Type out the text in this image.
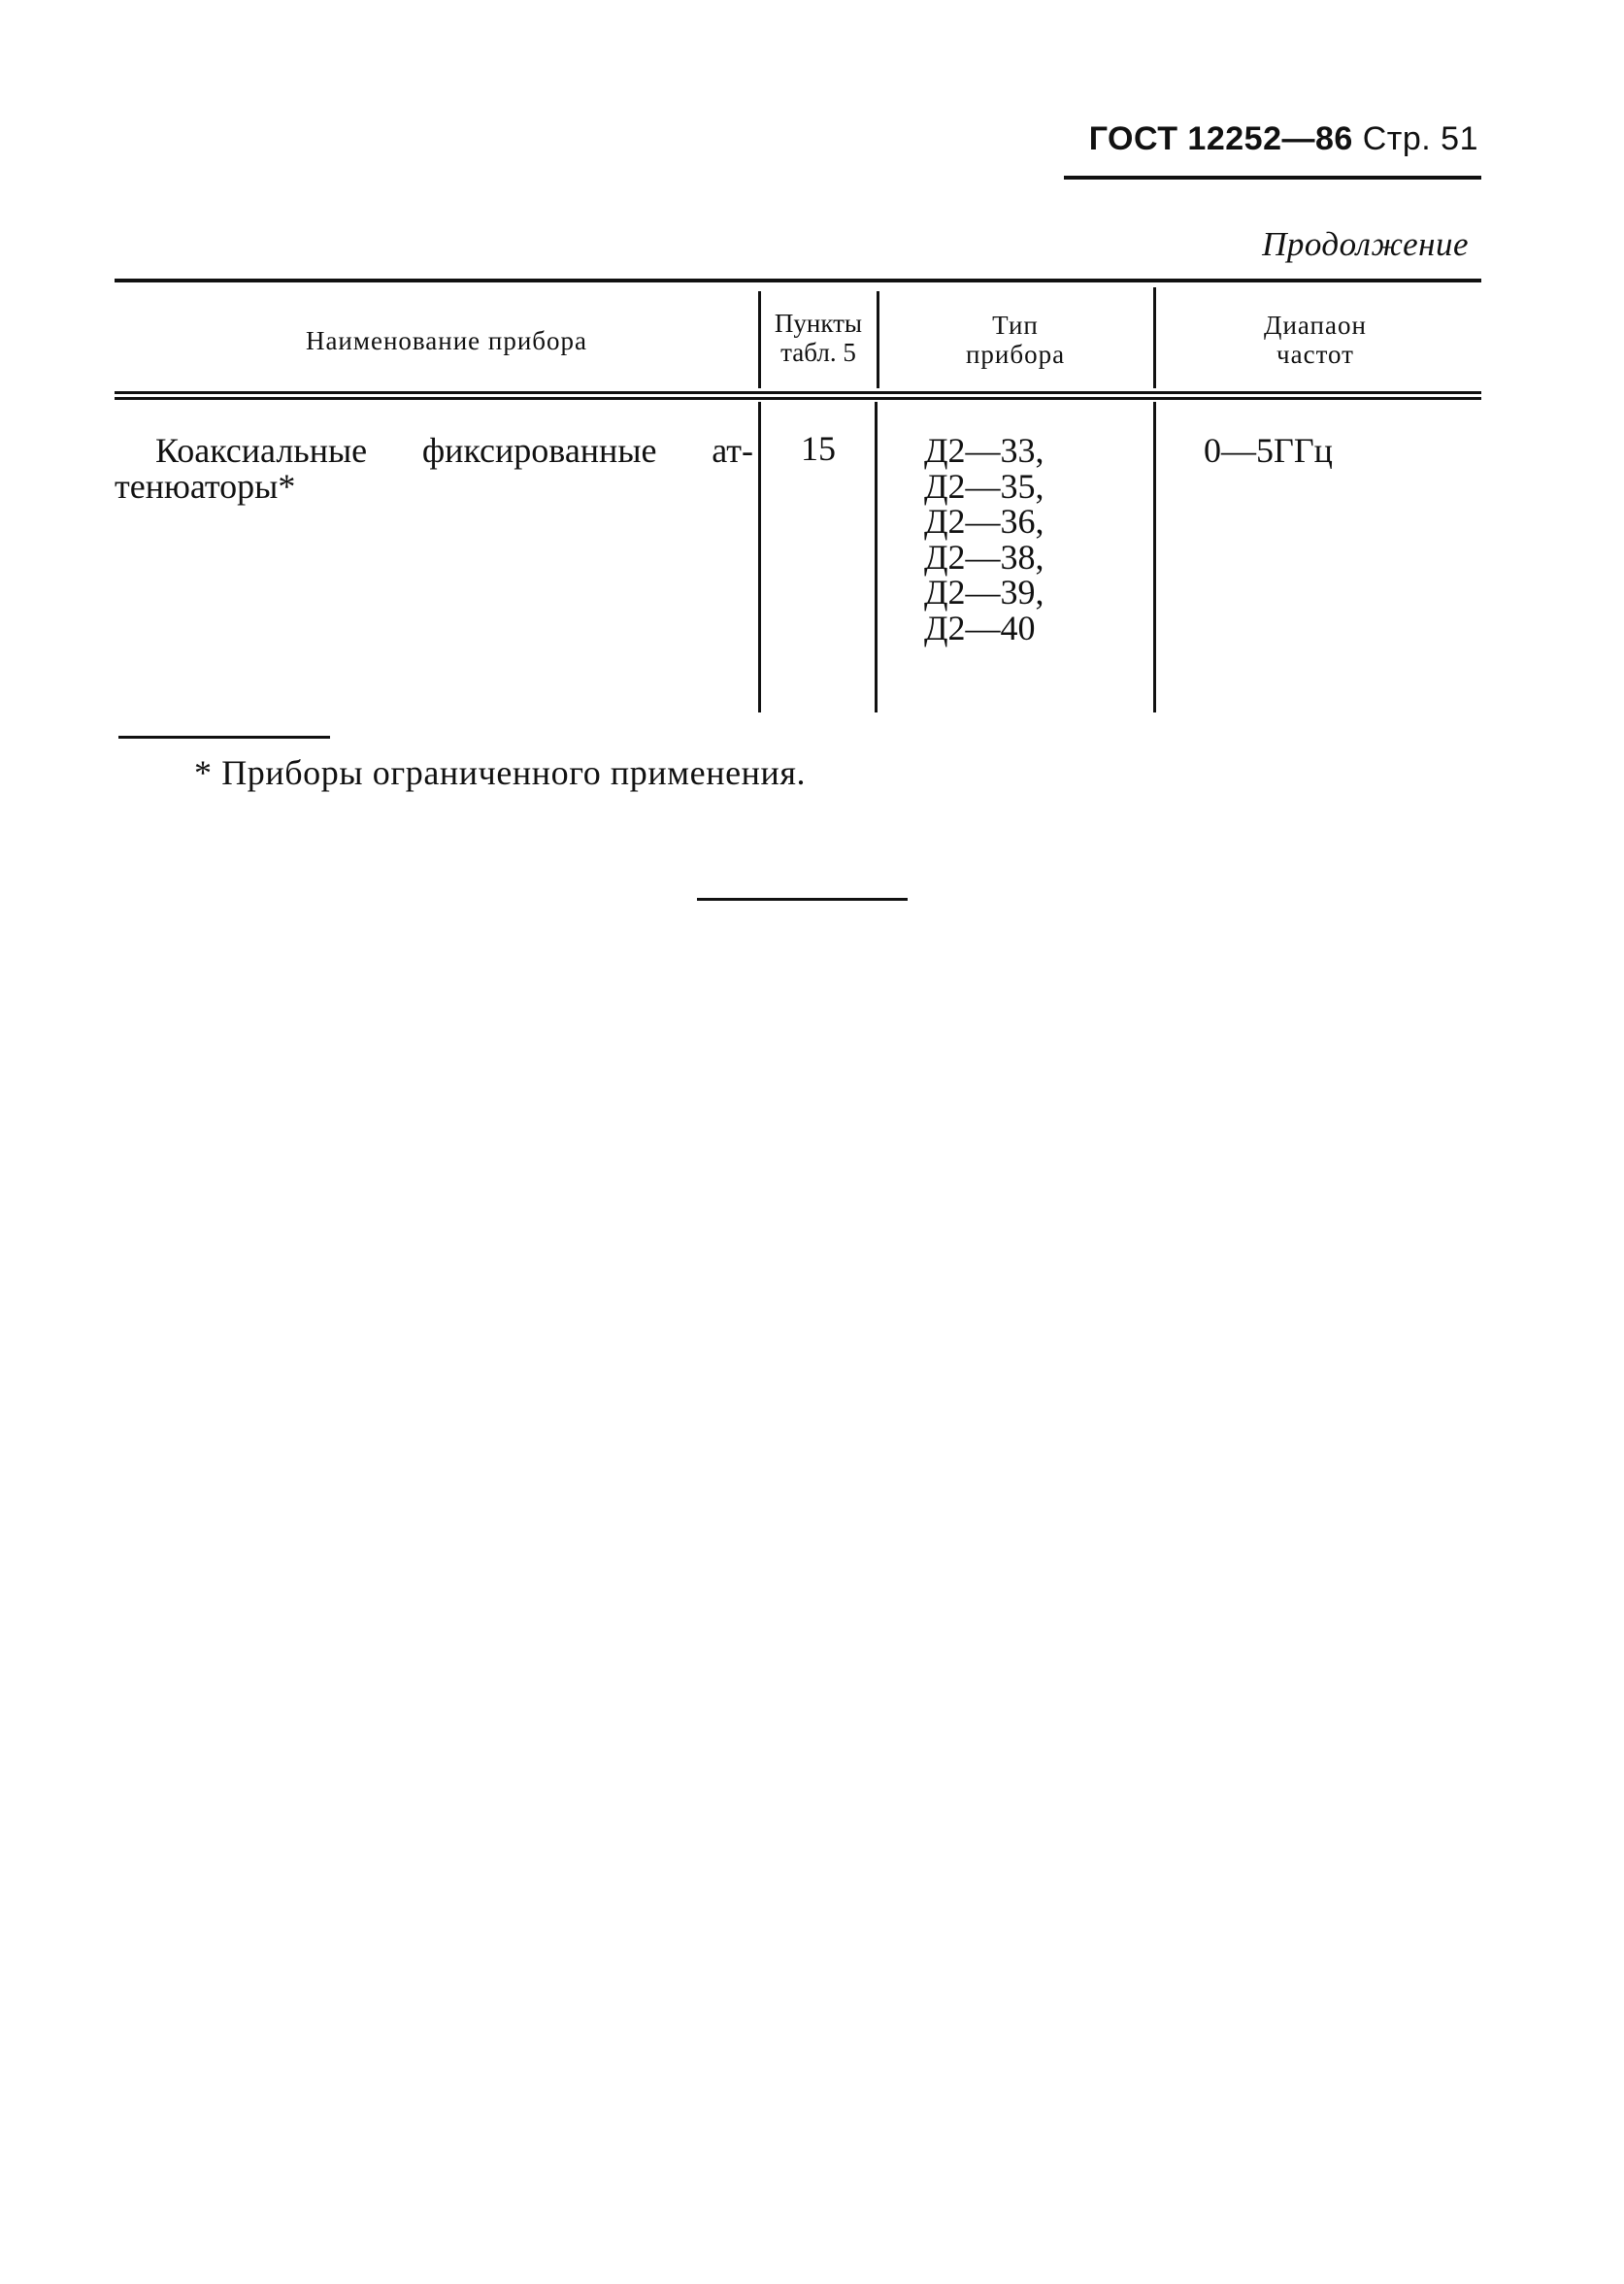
ГОСТ 12252—86 Стр. 51
Продолжение
Наименование прибора
Пункты
табл. 5
Тип
прибора
Диапаон
частот
Коаксиальные фиксированные ат-
тенюаторы*
15	Д2—33,
Д2—35,
Д2—36,
Д2—38,
Д2—39,
Д2—40
0—5ГГц
* Приборы ограниченного применения.
